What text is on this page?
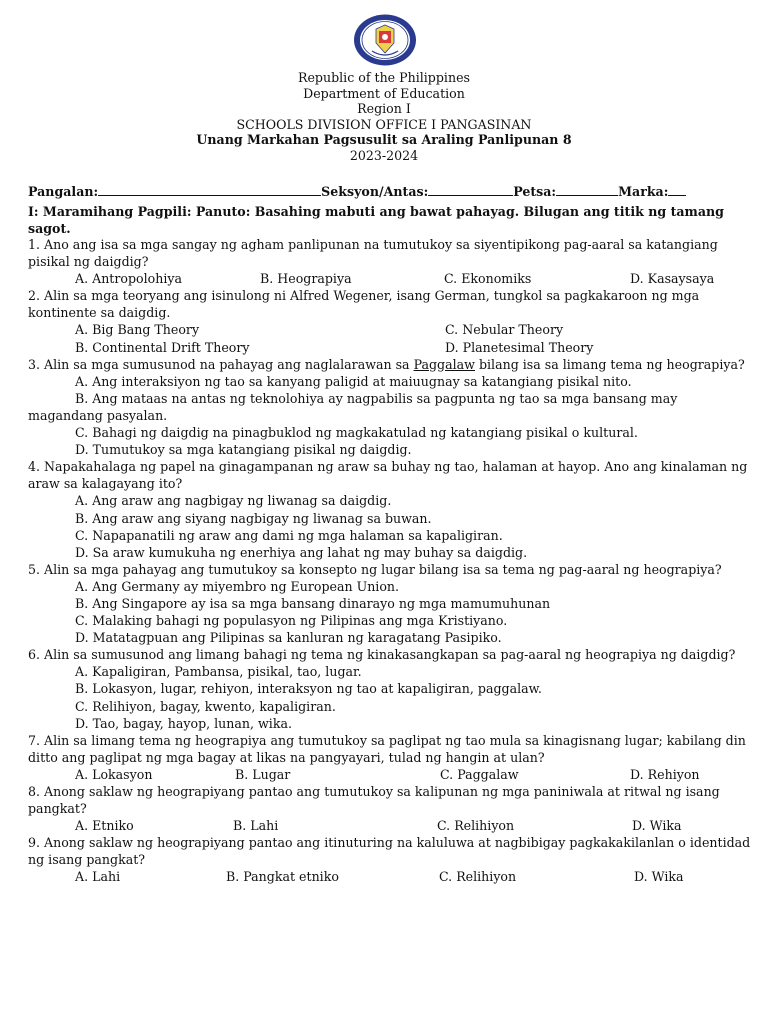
Republic of the Philippines
Department of Education
Region I
SCHOOLS DIVISION OFFICE I PANGASINAN
Unang Markahan Pagsusulit sa Araling Panlipunan 8
2023-2024
Pangalan:	Seksyon/Antas:	Petsa:	Marka:
I: Maramihang Pagpili: Panuto: Basahing mabuti ang bawat pahayag. Bilugan ang titik ng tamang sagot.

1. Ano ang isa sa mga sangay ng agham panlipunan na tumutukoy sa siyentipikong pag-aaral sa katangiang pisikal ng daigdig?

A. Antropolohiya	B. Heograpiya	C. Ekonomiks	D. Kasaysaya

2. Alin sa mga teoryang ang isinulong ni Alfred Wegener, isang German, tungkol sa pagkakaroon ng mga kontinente sa daigdig.

A. Big Bang Theory	C. Nebular Theory
B. Continental Drift Theory	D. Planetesimal Theory

3. Alin sa mga sumusunod na pahayag ang naglalarawan sa Paggalaw bilang isa sa limang tema ng heograpiya?

A. Ang interaksiyon ng tao sa kanyang paligid at maiuugnay sa katangiang pisikal nito.

B. Ang mataas na antas ng teknolohiya ay nagpabilis sa pagpunta ng tao sa mga bansang may magandang pasyalan.

C. Bahagi ng daigdig na pinagbuklod ng magkakatulad ng katangiang pisikal o kultural.

D. Tumutukoy sa mga katangiang pisikal ng daigdig.

4. Napakahalaga ng papel na ginagampanan ng araw sa buhay ng tao, halaman at hayop. Ano ang kinalaman ng araw sa kalagayang ito?

A. Ang araw ang nagbigay ng liwanag sa daigdig.

B. Ang araw ang siyang nagbigay ng liwanag sa buwan.

C. Napapanatili ng araw ang dami ng mga halaman sa kapaligiran.

D. Sa araw kumukuha ng enerhiya ang lahat ng may buhay sa daigdig.

5. Alin sa mga pahayag ang tumutukoy sa konsepto ng lugar bilang isa sa tema ng pag-aaral ng heograpiya?

A. Ang Germany ay miyembro ng European Union.

B. Ang Singapore ay isa sa mga bansang dinarayo ng mga mamumuhunan

C. Malaking bahagi ng populasyon ng Pilipinas ang mga Kristiyano.

D. Matatagpuan ang Pilipinas sa kanluran ng karagatang Pasipiko.

6. Alin sa sumusunod ang limang bahagi ng tema ng kinakasangkapan sa pag-aaral ng heograpiya ng daigdig?

A. Kapaligiran, Pambansa, pisikal, tao, lugar.

B. Lokasyon, lugar, rehiyon, interaksyon ng tao at kapaligiran, paggalaw.

C. Relihiyon, bagay, kwento, kapaligiran.

D. Tao, bagay, hayop, lunan, wika.

7. Alin sa limang tema ng heograpiya ang tumutukoy sa paglipat ng tao mula sa kinagisnang lugar; kabilang din ditto ang paglipat ng mga bagay at likas na pangyayari, tulad ng hangin at ulan?

A. Lokasyon	B. Lugar	C. Paggalaw	D. Rehiyon

8. Anong saklaw ng heograpiyang pantao ang tumutukoy sa kalipunan ng mga paniniwala at ritwal ng isang pangkat?

A. Etniko	B. Lahi	C. Relihiyon	D. Wika

9. Anong saklaw ng heograpiyang pantao ang itinuturing na kaluluwa at nagbibigay pagkakakilanlan o identidad ng isang pangkat?

A. Lahi	B. Pangkat etniko	C. Relihiyon	D. Wika
